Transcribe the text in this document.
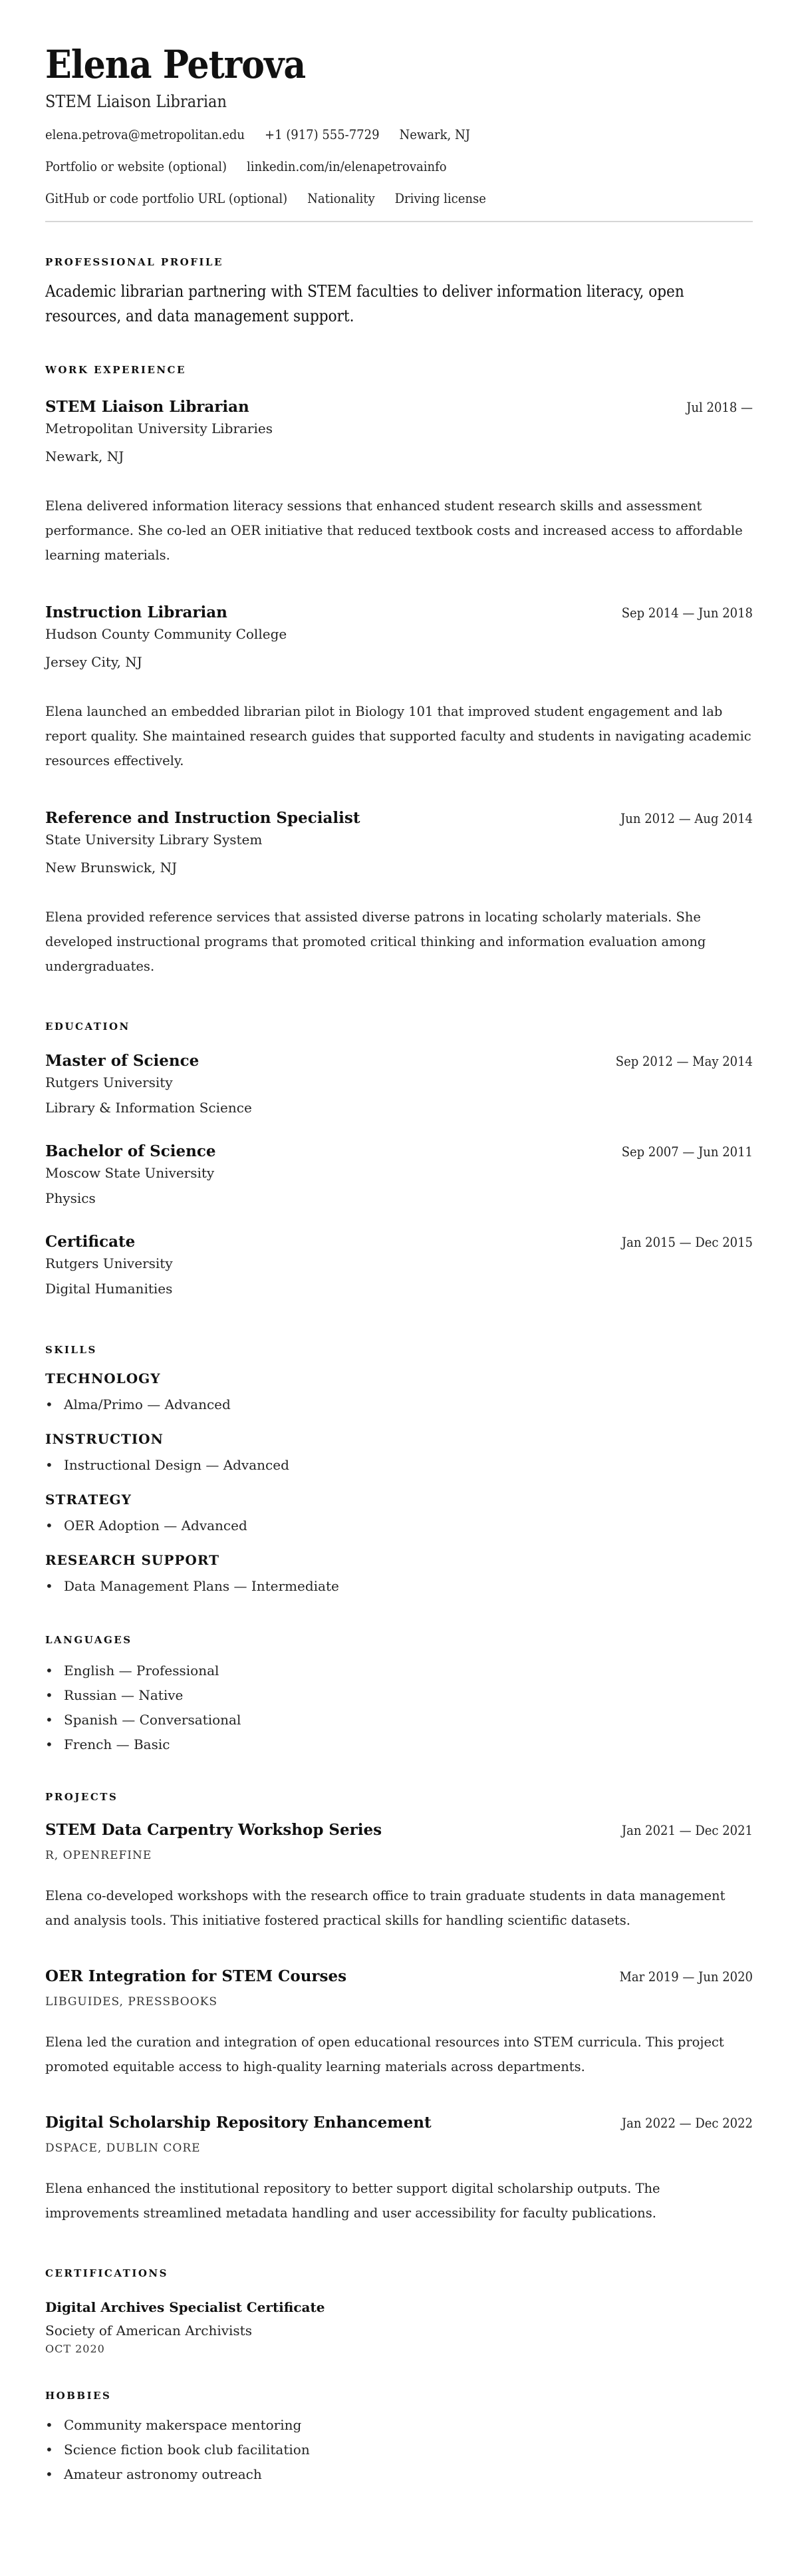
Elena Petrova
STEM Liaison Librarian
elena.petrova@metropolitan.edu +1 (917) 555-7729 Newark, NJ
Portfolio or website (optional) linkedin.com/in/elenapetrovainfo
GitHub or code portfolio URL (optional) Nationality Driving license
PROFESSIONAL PROFILE
Academic librarian partnering with STEM faculties to deliver information literacy, open resources, and data management support.
WORK EXPERIENCE
STEM Liaison Librarian	Jul 2018 —
Metropolitan University Libraries
Newark, NJ
Elena delivered information literacy sessions that enhanced student research skills and assessment performance. She co-led an OER initiative that reduced textbook costs and increased access to affordable learning materials.
Instruction Librarian	Sep 2014 — Jun 2018
Hudson County Community College
Jersey City, NJ
Elena launched an embedded librarian pilot in Biology 101 that improved student engagement and lab report quality. She maintained research guides that supported faculty and students in navigating academic resources effectively.
Reference and Instruction Specialist	Jun 2012 — Aug 2014
State University Library System
New Brunswick, NJ
Elena provided reference services that assisted diverse patrons in locating scholarly materials. She developed instructional programs that promoted critical thinking and information evaluation among undergraduates.
EDUCATION
Master of Science	Sep 2012 — May 2014
Rutgers University
Library & Information Science
Bachelor of Science	Sep 2007 — Jun 2011
Moscow State University
Physics
Certificate	Jan 2015 — Dec 2015
Rutgers University
Digital Humanities
SKILLS
TECHNOLOGY
• Alma/Primo — Advanced
INSTRUCTION
• Instructional Design — Advanced
STRATEGY
• OER Adoption — Advanced
RESEARCH SUPPORT
• Data Management Plans — Intermediate
LANGUAGES
• English — Professional
• Russian — Native
• Spanish — Conversational
• French — Basic
PROJECTS
STEM Data Carpentry Workshop Series	Jan 2021 — Dec 2021
R, OPENREFINE
Elena co-developed workshops with the research office to train graduate students in data management and analysis tools. This initiative fostered practical skills for handling scientific datasets.
OER Integration for STEM Courses	Mar 2019 — Jun 2020
LIBGUIDES, PRESSBOOKS
Elena led the curation and integration of open educational resources into STEM curricula. This project promoted equitable access to high-quality learning materials across departments.
Digital Scholarship Repository Enhancement	Jan 2022 — Dec 2022
DSPACE, DUBLIN CORE
Elena enhanced the institutional repository to better support digital scholarship outputs. The improvements streamlined metadata handling and user accessibility for faculty publications.
CERTIFICATIONS
Digital Archives Specialist Certificate
Society of American Archivists
OCT 2020
HOBBIES
• Community makerspace mentoring
• Science fiction book club facilitation
• Amateur astronomy outreach
